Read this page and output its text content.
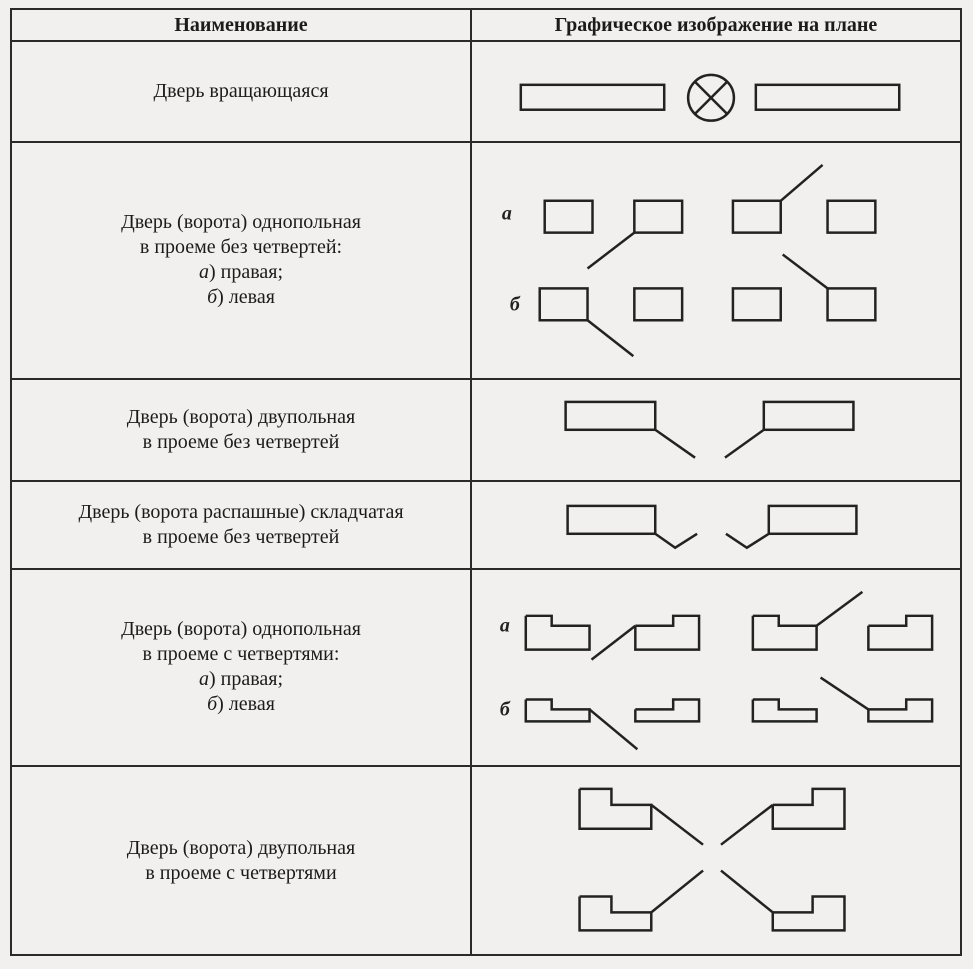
Наименование	Графическое изображение на плане

Дверь вращающаяся

Дверь (ворота) однопольная
в проеме без четвертей:
а) правая;
б) левая	а
б

Дверь (ворота) двупольная
в проеме без четвертей

Дверь (ворота распашные) складчатая
в проеме без четвертей

Дверь (ворота) однопольная
в проеме с четвертями:
а) правая;
б) левая	а
б

Дверь (ворота) двупольная
в проеме с четвертями
